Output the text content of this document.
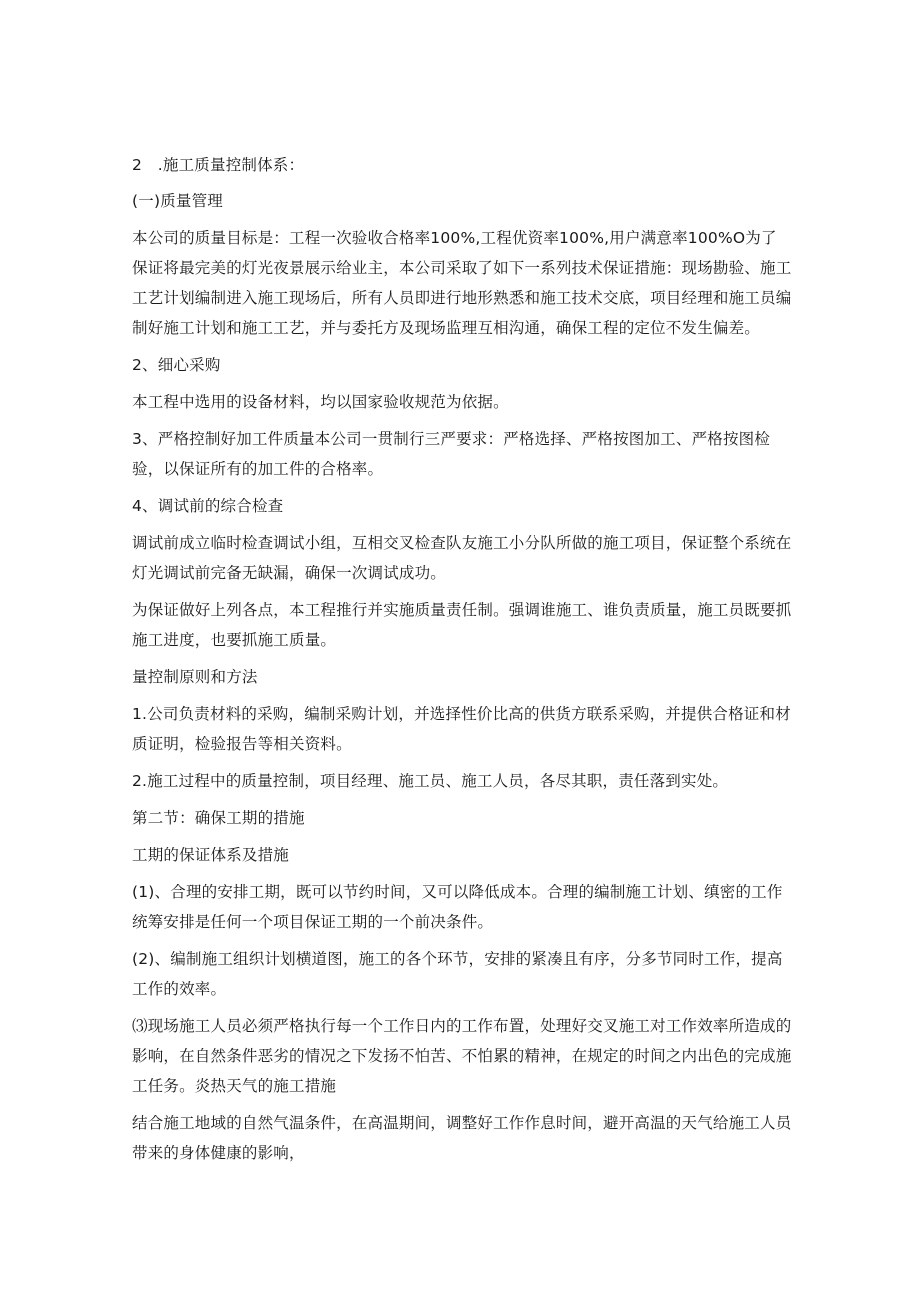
2　.施工质量控制体系：

(一)质量管理

本公司的质量目标是：工程一次验收合格率100%,工程优资率100%,用户满意率100%O为了保证将最完美的灯光夜景展示给业主，本公司采取了如下一系列技术保证措施：现场勘验、施工工艺计划编制进入施工现场后，所有人员即进行地形熟悉和施工技术交底，项目经理和施工员编制好施工计划和施工工艺，并与委托方及现场监理互相沟通，确保工程的定位不发生偏差。

2、细心采购

本工程中选用的设备材料，均以国家验收规范为依据。

3、严格控制好加工件质量本公司一贯制行三严要求：严格选择、严格按图加工、严格按图检验，以保证所有的加工件的合格率。

4、调试前的综合检查

调试前成立临时检查调试小组，互相交叉检查队友施工小分队所做的施工项目，保证整个系统在灯光调试前完备无缺漏，确保一次调试成功。

为保证做好上列各点，本工程推行并实施质量责任制。强调谁施工、谁负责质量，施工员既要抓施工进度，也要抓施工质量。

量控制原则和方法

1.公司负责材料的采购，编制采购计划，并选择性价比高的供货方联系采购，并提供合格证和材质证明，检验报告等相关资料。

2.施工过程中的质量控制，项目经理、施工员、施工人员，各尽其职，责任落到实处。

第二节：确保工期的措施

工期的保证体系及措施

(1)、合理的安排工期，既可以节约时间，又可以降低成本。合理的编制施工计划、缜密的工作统筹安排是任何一个项目保证工期的一个前决条件。

(2)、编制施工组织计划横道图，施工的各个环节，安排的紧凑且有序，分多节同时工作，提高工作的效率。

⑶现场施工人员必须严格执行每一个工作日内的工作布置，处理好交叉施工对工作效率所造成的影响，在自然条件恶劣的情况之下发扬不怕苦、不怕累的精神，在规定的时间之内出色的完成施工任务。炎热天气的施工措施

结合施工地域的自然气温条件，在高温期间，调整好工作作息时间，避开高温的天气给施工人员带来的身体健康的影响，
